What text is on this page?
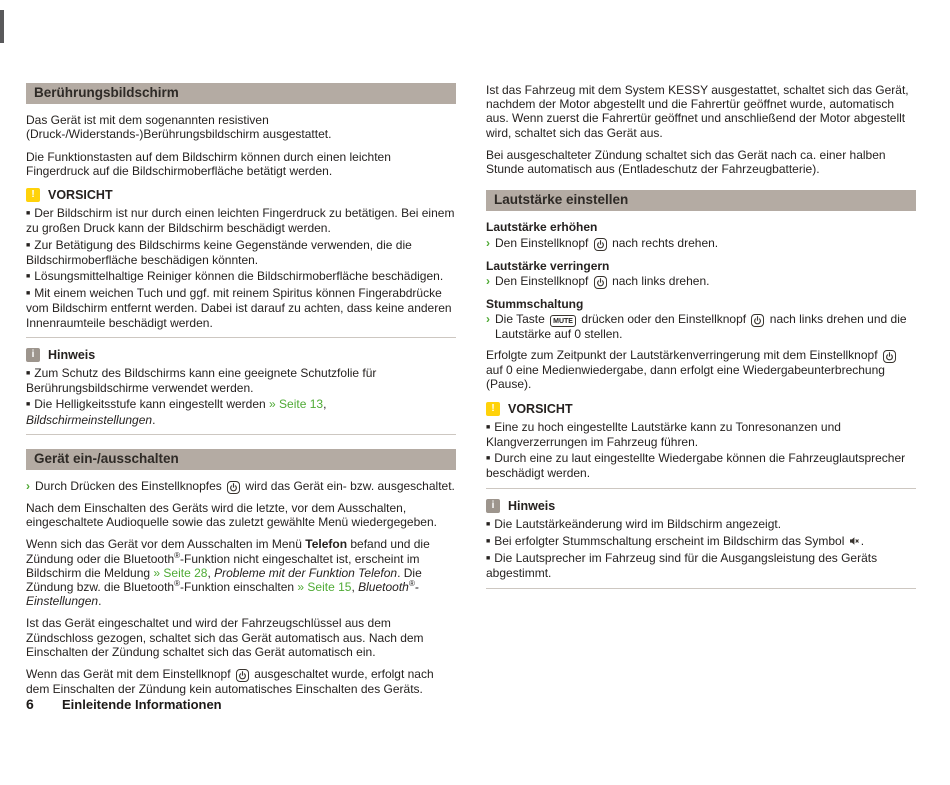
Berührungsbildschirm

Das Gerät ist mit dem sogenannten resistiven (Druck-/Widerstands-)Berührungsbildschirm ausgestattet.

Die Funktionstasten auf dem Bildschirm können durch einen leichten Fingerdruck auf die Bildschirmoberfläche betätigt werden.

!	VORSICHT

■ Der Bildschirm ist nur durch einen leichten Fingerdruck zu betätigen. Bei einem zu großen Druck kann der Bildschirm beschädigt werden.

■ Zur Betätigung des Bildschirms keine Gegenstände verwenden, die die Bildschirmoberfläche beschädigen könnten.

■ Lösungsmittelhaltige Reiniger können die Bildschirmoberfläche beschädigen.

■ Mit einem weichen Tuch und ggf. mit reinem Spiritus können Fingerabdrücke vom Bildschirm entfernt werden. Dabei ist darauf zu achten, dass keine anderen Innenraumteile beschädigt werden.

i	Hinweis

■ Zum Schutz des Bildschirms kann eine geeignete Schutzfolie für Berührungsbildschirme verwendet werden.

■ Die Helligkeitsstufe kann eingestellt werden » Seite 13, Bildschirmeinstellungen.

Gerät ein-/ausschalten
› Durch Drücken des Einstellknopfes
wird das Gerät ein- bzw. ausgeschaltet.

Nach dem Einschalten des Geräts wird die letzte, vor dem Ausschalten, eingeschaltete Audioquelle sowie das zuletzt gewählte Menü wiedergegeben.

Wenn sich das Gerät vor dem Ausschalten im Menü Telefon befand und die Zündung oder die Bluetooth®-Funktion nicht eingeschaltet ist, erscheint im Bildschirm die Meldung » Seite 28, Probleme mit der Funktion Telefon. Die Zündung bzw. die Bluetooth®-Funktion einschalten » Seite 15, Bluetooth®-Einstellungen.

Ist das Gerät eingeschaltet und wird der Fahrzeugschlüssel aus dem Zündschloss gezogen, schaltet sich das Gerät automatisch aus. Nach dem Einschalten der Zündung schaltet sich das Gerät automatisch ein.

Wenn das Gerät mit dem Einstellknopf
ausgeschaltet wurde, erfolgt nach dem Einschalten der Zündung kein automatisches Einschalten des Geräts.

Ist das Fahrzeug mit dem System KESSY ausgestattet, schaltet sich das Gerät, nachdem der Motor abgestellt und die Fahrertür geöffnet wurde, automatisch aus. Wenn zuerst die Fahrertür geöffnet und anschließend der Motor abgestellt wird, schaltet sich das Gerät aus.

Bei ausgeschalteter Zündung schaltet sich das Gerät nach ca. einer halben Stunde automatisch aus (Entladeschutz der Fahrzeugbatterie).

Lautstärke einstellen

Lautstärke erhöhen

› Den Einstellknopf
nach rechts drehen.

Lautstärke verringern

› Den Einstellknopf
nach links drehen.

Stummschaltung

› Die Taste MUTE drücken oder den Einstellknopf
nach links drehen und die Lautstärke auf 0 stellen.

Erfolgte zum Zeitpunkt der Lautstärkenverringerung mit dem Einstellknopf
auf 0 eine Medienwiedergabe, dann erfolgt eine Wiedergabeunterbrechung (Pause).

!	VORSICHT

■ Eine zu hoch eingestellte Lautstärke kann zu Tonresonanzen und Klangverzerrungen im Fahrzeug führen.

■ Durch eine zu laut eingestellte Wiedergabe können die Fahrzeuglautsprecher beschädigt werden.

i	Hinweis

■ Die Lautstärkeänderung wird im Bildschirm angezeigt.

■ Bei erfolgter Stummschaltung erscheint im Bildschirm das Symbol .

■ Die Lautsprecher im Fahrzeug sind für die Ausgangsleistung des Geräts abgestimmt.

6 Einleitende Informationen
